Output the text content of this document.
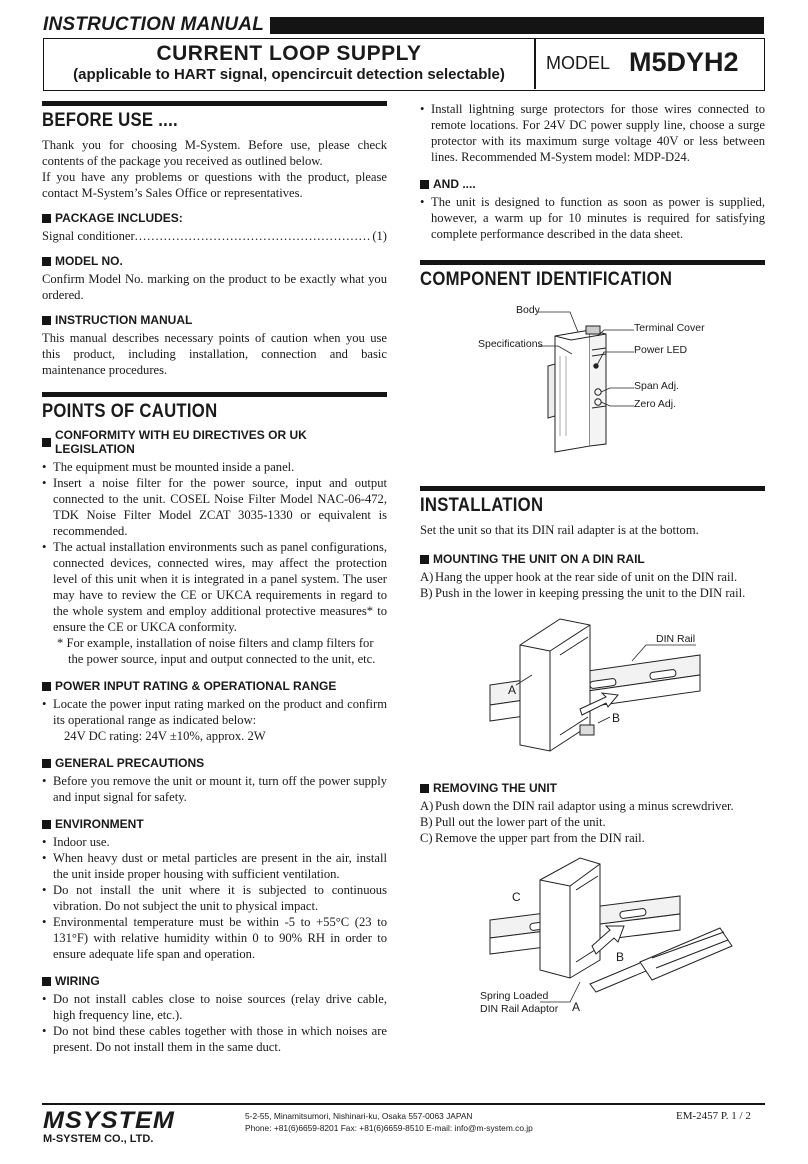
INSTRUCTION MANUAL
CURRENT LOOP SUPPLY
(applicable to HART signal, opencircuit detection selectable)
MODEL M5DYH2
BEFORE USE ....

Thank you for choosing M-System. Before use, please check contents of the package you received as outlined below.

If you have any problems or questions with the product, please contact M-System’s Sales Office or representatives.

PACKAGE INCLUDES:
Signal conditioner
.....	(1)
MODEL NO.

Confirm Model No. marking on the product to be exactly what you ordered.

INSTRUCTION MANUAL

This manual describes necessary points of caution when you use this product, including installation, connection and basic maintenance procedures.

POINTS OF CAUTION
CONFORMITY WITH EU DIRECTIVES OR UK LEGISLATION
• The equipment must be mounted inside a panel.
• Insert a noise filter for the power source, input and output connected to the unit. COSEL Noise Filter Model NAC-06-472, TDK Noise Filter Model ZCAT 3035-1330 or equivalent is recommended.
• The actual installation environments such as panel configurations, connected devices, connected wires, may affect the protection level of this unit when it is integrated in a panel system. The user may have to review the CE or UKCA requirements in regard to the whole system and employ additional protective measures* to ensure the CE or UKCA conformity.
* For example, installation of noise filters and clamp filters for the power source, input and output connected to the unit, etc.
POWER INPUT RATING & OPERATIONAL RANGE
• Locate the power input rating marked on the product and confirm its operational range as indicated below:
24V DC rating: 24V ±10%, approx. 2W
GENERAL PRECAUTIONS
• Before you remove the unit or mount it, turn off the power supply and input signal for safety.
ENVIRONMENT
• Indoor use.
• When heavy dust or metal particles are present in the air, install the unit inside proper housing with sufficient ventilation.
• Do not install the unit where it is subjected to continuous vibration. Do not subject the unit to physical impact.
• Environmental temperature must be within -5 to +55°C (23 to 131°F) with relative humidity within 0 to 90% RH in order to ensure adequate life span and operation.
WIRING
• Do not install cables close to noise sources (relay drive cable, high frequency line, etc.).
• Do not bind these cables together with those in which noises are present. Do not install them in the same duct.
• Install lightning surge protectors for those wires connected to remote locations. For 24V DC power supply line, choose a surge protector with its maximum surge voltage 40V or less between lines. Recommended M-System model: MDP-D24.
AND ....
• The unit is designed to function as soon as power is supplied, however, a warm up for 10 minutes is required for satisfying complete performance described in the data sheet.
COMPONENT IDENTIFICATION
Body
Terminal Cover
Specifications	Power LED
Span Adj.
Zero Adj.
INSTALLATION

Set the unit so that its DIN rail adapter is at the bottom.

MOUNTING THE UNIT ON A DIN RAIL
A) Hang the upper hook at the rear side of unit on the DIN rail.
B) Push in the lower in keeping pressing the unit to the DIN rail.
DIN Rail
A
B
REMOVING THE UNIT
A) Push down the DIN rail adaptor using a minus screwdriver.
B) Pull out the lower part of the unit.
C) Remove the upper part from the DIN rail.
C
B
A
Spring Loaded
DIN Rail Adaptor
MSYSTEM
M-SYSTEM CO., LTD.
5-2-55, Minamitsumori, Nishinari-ku, Osaka 557-0063 JAPAN
Phone: +81(6)6659-8201 Fax: +81(6)6659-8510 E-mail: info@m-system.co.jp
EM-2457 P. 1 / 2
